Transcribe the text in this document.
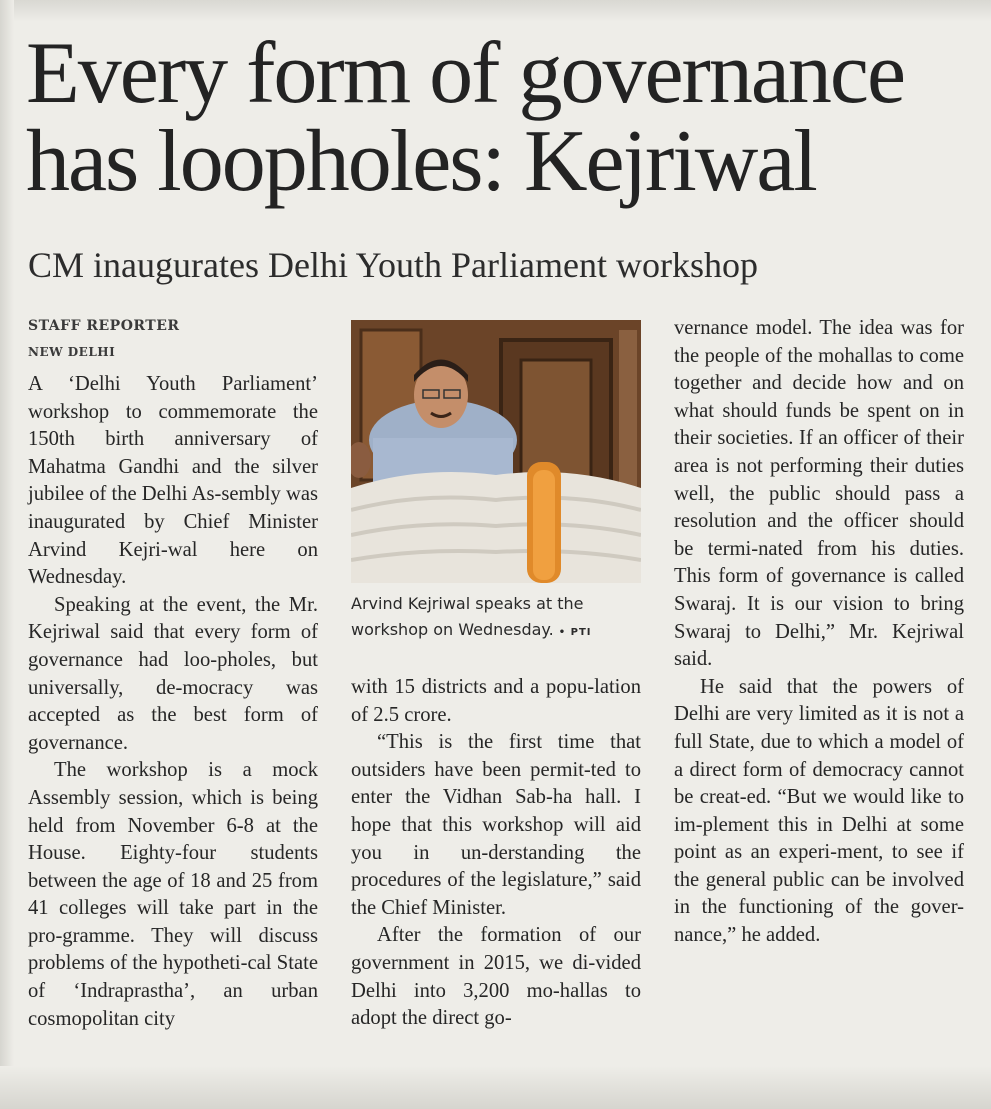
Every form of governance
has loopholes: Kejriwal
CM inaugurates Delhi Youth Parliament workshop
STAFF REPORTER
NEW DELHI

A ‘Delhi Youth Parliament’ workshop to commemorate the 150th birth anniversary of Mahatma Gandhi and the silver jubilee of the Delhi As-sembly was inaugurated by Chief Minister Arvind Kejri-wal here on Wednesday.

Speaking at the event, the Mr. Kejriwal said that every form of governance had loo-pholes, but universally, de-mocracy was accepted as the best form of governance.

The workshop is a mock Assembly session, which is being held from November 6-8 at the House. Eighty-four students between the age of 18 and 25 from 41 colleges will take part in the pro-gramme. They will discuss problems of the hypotheti-cal State of ‘Indraprastha’, an urban cosmopolitan city

Arvind Kejriwal speaks at the workshop on Wednesday. • PTI

with 15 districts and a popu-lation of 2.5 crore.

“This is the first time that outsiders have been permit-ted to enter the Vidhan Sab-ha hall. I hope that this workshop will aid you in un-derstanding the procedures of the legislature,” said the Chief Minister.

After the formation of our government in 2015, we di-vided Delhi into 3,200 mo-hallas to adopt the direct go-

vernance model. The idea was for the people of the mohallas to come together and decide how and on what should funds be spent on in their societies. If an officer of their area is not performing their duties well, the public should pass a resolution and the officer should be termi-nated from his duties. This form of governance is called Swaraj. It is our vision to bring Swaraj to Delhi,” Mr. Kejriwal said.

He said that the powers of Delhi are very limited as it is not a full State, due to which a model of a direct form of democracy cannot be creat-ed. “But we would like to im-plement this in Delhi at some point as an experi-ment, to see if the general public can be involved in the functioning of the gover-nance,” he added.
